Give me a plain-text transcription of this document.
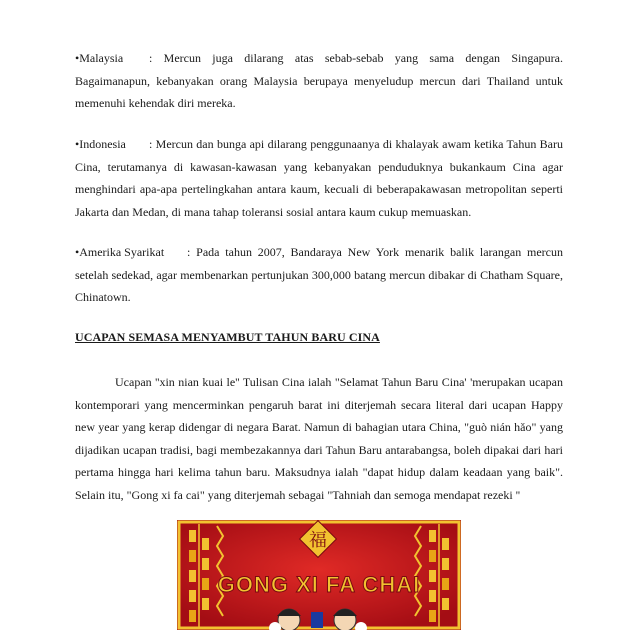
•Malaysia : Mercun juga dilarang atas sebab-sebab yang sama dengan Singapura. Bagaimanapun, kebanyakan orang Malaysia berupaya menyeludup mercun dari Thailand untuk memenuhi kehendak diri mereka.

•Indonesia : Mercun dan bunga api dilarang penggunaanya di khalayak awam ketika Tahun Baru Cina, terutamanya di kawasan-kawasan yang kebanyakan penduduknya bukankaum Cina agar menghindari apa-apa pertelingkahan antara kaum, kecuali di beberapakawasan metropolitan seperti Jakarta dan Medan, di mana tahap toleransi sosial antara kaum cukup memuaskan.

•Amerika Syarikat : Pada tahun 2007, Bandaraya New York menarik balik larangan mercun setelah sedekad, agar membenarkan pertunjukan 300,000 batang mercun dibakar di Chatham Square, Chinatown.

UCAPAN SEMASA MENYAMBUT TAHUN BARU CINA

Ucapan ''xin nian kuai le'' Tulisan Cina ialah "Selamat Tahun Baru Cina' 'merupakan ucapan kontemporari yang mencerminkan pengaruh barat ini diterjemah secara literal dari ucapan Happy new year yang kerap didengar di negara Barat. Namun di bahagian utara China, "guò nián hǎo" yang dijadikan ucapan tradisi, bagi membezakannya dari Tahun Baru antarabangsa, boleh dipakai dari hari pertama hingga hari kelima tahun baru. Maksudnya ialah "dapat hidup dalam keadaan yang baik". Selain itu, "Gong xi fa cai" yang diterjemah sebagai "Tahniah dan semoga mendapat rezeki ''

福
GONG XI FA CHAI
